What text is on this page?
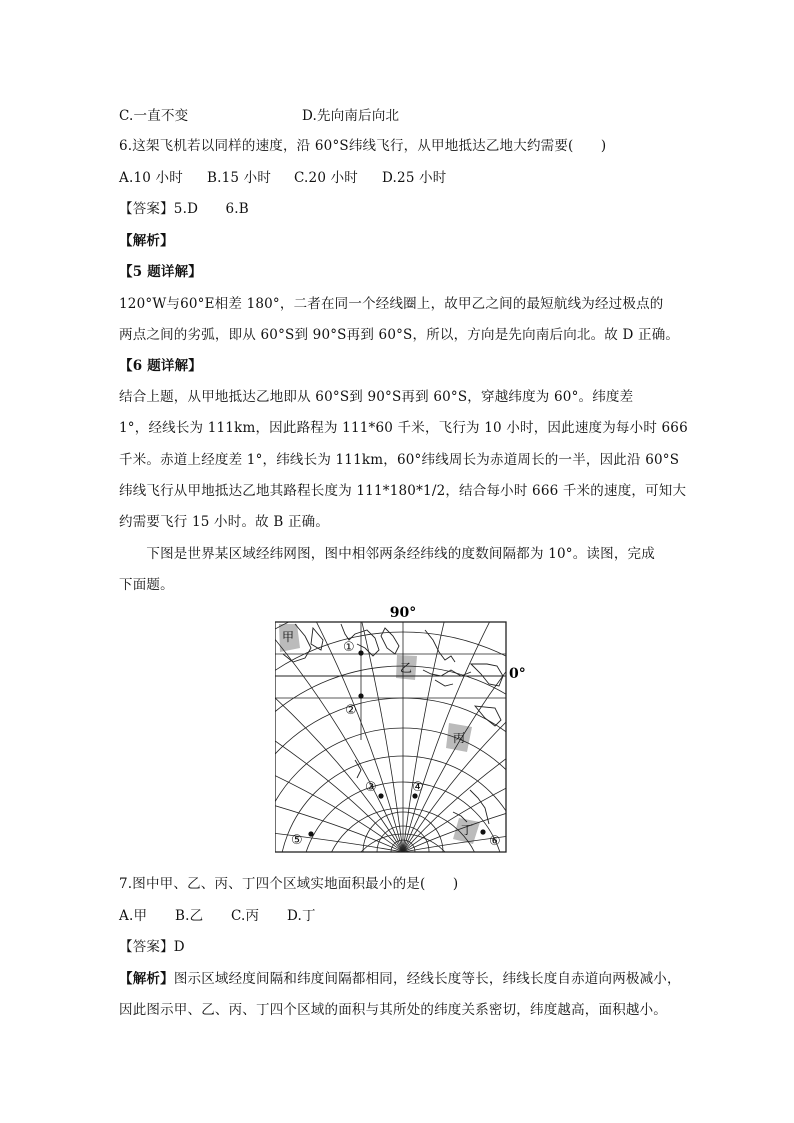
C.一直不变	D.先向南后向北
6.这架飞机若以同样的速度，沿 60°S纬线飞行，从甲地抵达乙地大约需要(　　)
A.10 小时 B.15 小时 C.20 小时 D.25 小时
【答案】5.D　　6.B
【解析】
【5 题详解】
120°W与60°E相差 180°，二者在同一个经线圈上，故甲乙之间的最短航线为经过极点的
两点之间的劣弧，即从 60°S到 90°S再到 60°S，所以，方向是先向南后向北。故 D 正确。
【6 题详解】
结合上题，从甲地抵达乙地即从 60°S到 90°S再到 60°S，穿越纬度为 60°。纬度差
1°，经线长为 111km，因此路程为 111*60 千米，飞行为 10 小时，因此速度为每小时 666
千米。赤道上经度差 1°，纬线长为 111km，60°纬线周长为赤道周长的一半，因此沿 60°S
纬线飞行从甲地抵达乙地其路程长度为 111*180*1/2，结合每小时 666 千米的速度，可知大
约需要飞行 15 小时。故 B 正确。
　　下图是世界某区域经纬网图，图中相邻两条经纬线的度数间隔都为 10°。读图，完成
下面题。
90°
0°
①
②
③	④
⑤	⑥
甲
乙
丙
丁
7.图中甲、乙、丙、丁四个区域实地面积最小的是(　　)
A.甲 B.乙 C.丙 D.丁
【答案】D
【解析】图示区域经度间隔和纬度间隔都相同，经线长度等长，纬线长度自赤道向两极减小，
因此图示甲、乙、丙、丁四个区域的面积与其所处的纬度关系密切，纬度越高，面积越小。
